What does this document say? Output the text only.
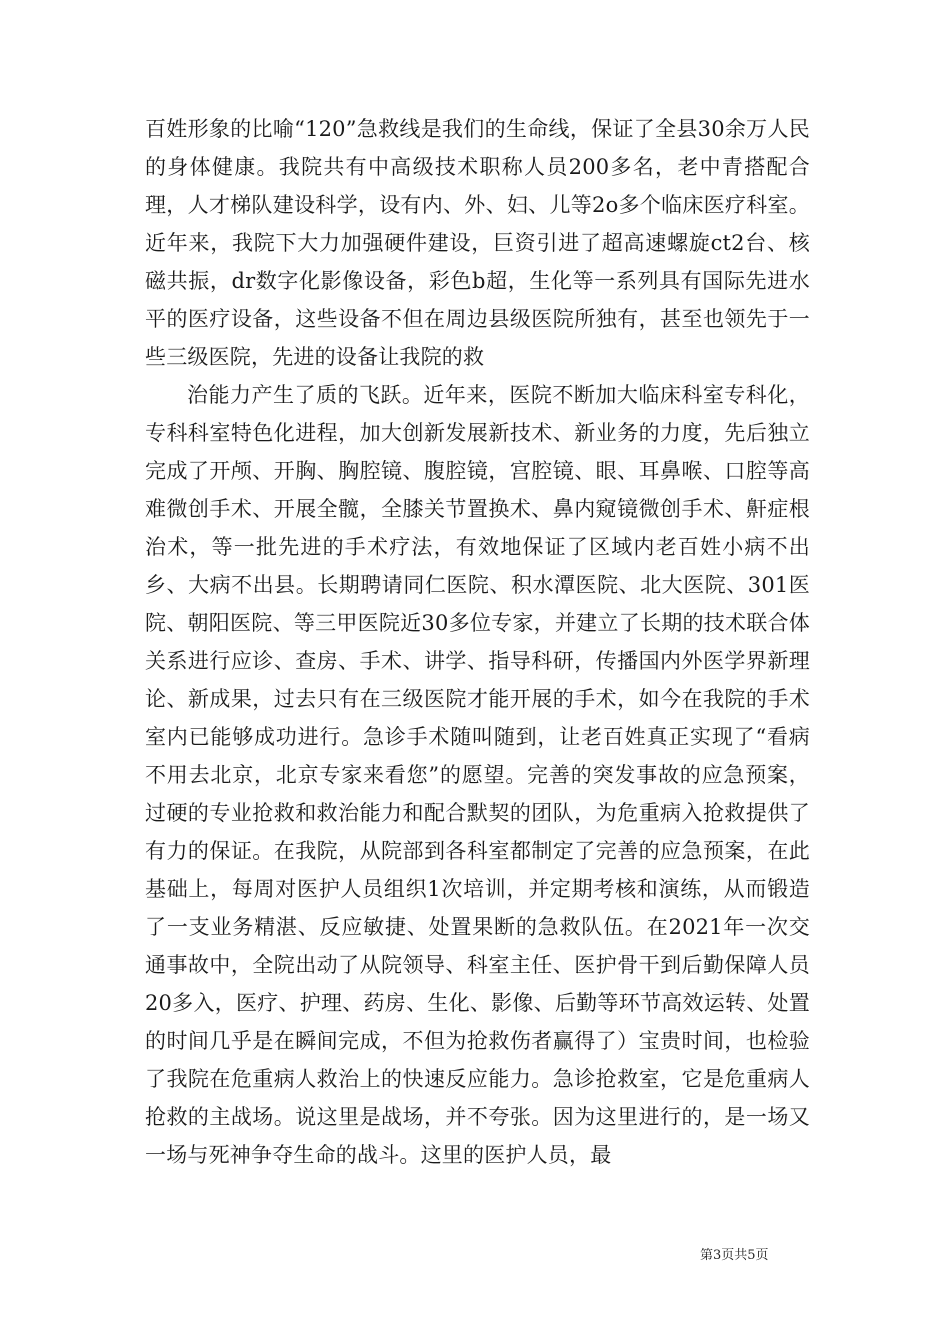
百姓形象的比喻“120”急救线是我们的生命线，保证了全县30余万人民的身体健康。我院共有中高级技术职称人员200多名，老中青搭配合理，人才梯队建设科学，设有内、外、妇、儿等2o多个临床医疗科室。近年来，我院下大力加强硬件建设，巨资引进了超高速螺旋ct2台、核磁共振，dr数字化影像设备，彩色b超，生化等一系列具有国际先进水平的医疗设备，这些设备不但在周边县级医院所独有，甚至也领先于一些三级医院，先进的设备让我院的救

治能力产生了质的飞跃。近年来，医院不断加大临床科室专科化，专科科室特色化进程，加大创新发展新技术、新业务的力度，先后独立完成了开颅、开胸、胸腔镜、腹腔镜，宫腔镜、眼、耳鼻喉、口腔等高难微创手术、开展全髋，全膝关节置换术、鼻内窥镜微创手术、鼾症根治术，等一批先进的手术疗法，有效地保证了区域内老百姓小病不出乡、大病不出县。长期聘请同仁医院、积水潭医院、北大医院、301医院、朝阳医院、等三甲医院近30多位专家，并建立了长期的技术联合体关系进行应诊、查房、手术、讲学、指导科研，传播国内外医学界新理论、新成果，过去只有在三级医院才能开展的手术，如今在我院的手术室内已能够成功进行。急诊手术随叫随到，让老百姓真正实现了“看病不用去北京，北京专家来看您”的愿望。完善的突发事故的应急预案，过硬的专业抢救和救治能力和配合默契的团队，为危重病入抢救提供了有力的保证。在我院，从院部到各科室都制定了完善的应急预案，在此基础上，每周对医护人员组织1次培训，并定期考核和演练，从而锻造了一支业务精湛、反应敏捷、处置果断的急救队伍。在2021年一次交通事故中，全院出动了从院领导、科室主任、医护骨干到后勤保障人员20多入，医疗、护理、药房、生化、影像、后勤等环节高效运转、处置的时间几乎是在瞬间完成，不但为抢救伤者赢得了）宝贵时间，也检验了我院在危重病人救治上的快速反应能力。急诊抢救室，它是危重病人抢救的主战场。说这里是战场，并不夸张。因为这里进行的，是一场又一场与死神争夺生命的战斗。这里的医护人员，最

第3页共5页
